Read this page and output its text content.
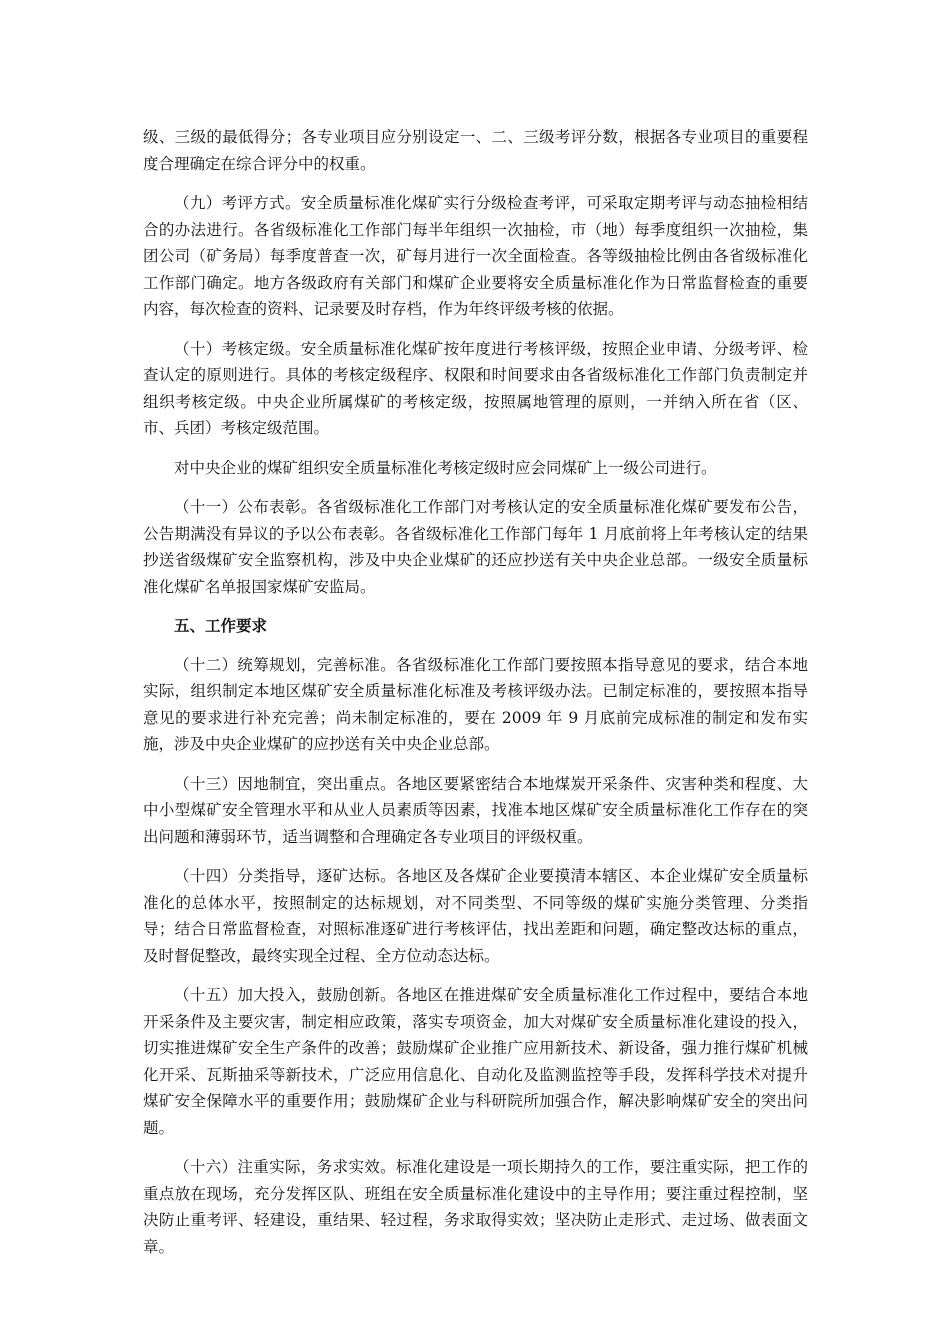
级、三级的最低得分；各专业项目应分别设定一、二、三级考评分数，根据各专业项目的重要程度合理确定在综合评分中的权重。

（九）考评方式。安全质量标准化煤矿实行分级检查考评，可采取定期考评与动态抽检相结合的办法进行。各省级标准化工作部门每半年组织一次抽检，市（地）每季度组织一次抽检，集团公司（矿务局）每季度普查一次，矿每月进行一次全面检查。各等级抽检比例由各省级标准化工作部门确定。地方各级政府有关部门和煤矿企业要将安全质量标准化作为日常监督检查的重要内容，每次检查的资料、记录要及时存档，作为年终评级考核的依据。

（十）考核定级。安全质量标准化煤矿按年度进行考核评级，按照企业申请、分级考评、检查认定的原则进行。具体的考核定级程序、权限和时间要求由各省级标准化工作部门负责制定并组织考核定级。中央企业所属煤矿的考核定级，按照属地管理的原则，一并纳入所在省（区、市、兵团）考核定级范围。

对中央企业的煤矿组织安全质量标准化考核定级时应会同煤矿上一级公司进行。

（十一）公布表彰。各省级标准化工作部门对考核认定的安全质量标准化煤矿要发布公告，公告期满没有异议的予以公布表彰。各省级标准化工作部门每年 1 月底前将上年考核认定的结果抄送省级煤矿安全监察机构，涉及中央企业煤矿的还应抄送有关中央企业总部。一级安全质量标准化煤矿名单报国家煤矿安监局。

五、工作要求

（十二）统筹规划，完善标准。各省级标准化工作部门要按照本指导意见的要求，结合本地实际，组织制定本地区煤矿安全质量标准化标准及考核评级办法。已制定标准的，要按照本指导意见的要求进行补充完善；尚未制定标准的，要在 2009 年 9 月底前完成标准的制定和发布实施，涉及中央企业煤矿的应抄送有关中央企业总部。

（十三）因地制宜，突出重点。各地区要紧密结合本地煤炭开采条件、灾害种类和程度、大中小型煤矿安全管理水平和从业人员素质等因素，找准本地区煤矿安全质量标准化工作存在的突出问题和薄弱环节，适当调整和合理确定各专业项目的评级权重。

（十四）分类指导，逐矿达标。各地区及各煤矿企业要摸清本辖区、本企业煤矿安全质量标准化的总体水平，按照制定的达标规划，对不同类型、不同等级的煤矿实施分类管理、分类指导；结合日常监督检查，对照标准逐矿进行考核评估，找出差距和问题，确定整改达标的重点，及时督促整改，最终实现全过程、全方位动态达标。

（十五）加大投入，鼓励创新。各地区在推进煤矿安全质量标准化工作过程中，要结合本地开采条件及主要灾害，制定相应政策，落实专项资金，加大对煤矿安全质量标准化建设的投入，切实推进煤矿安全生产条件的改善；鼓励煤矿企业推广应用新技术、新设备，强力推行煤矿机械化开采、瓦斯抽采等新技术，广泛应用信息化、自动化及监测监控等手段，发挥科学技术对提升煤矿安全保障水平的重要作用；鼓励煤矿企业与科研院所加强合作，解决影响煤矿安全的突出问题。

（十六）注重实际，务求实效。标准化建设是一项长期持久的工作，要注重实际，把工作的重点放在现场，充分发挥区队、班组在安全质量标准化建设中的主导作用；要注重过程控制，坚决防止重考评、轻建设，重结果、轻过程，务求取得实效；坚决防止走形式、走过场、做表面文章。
